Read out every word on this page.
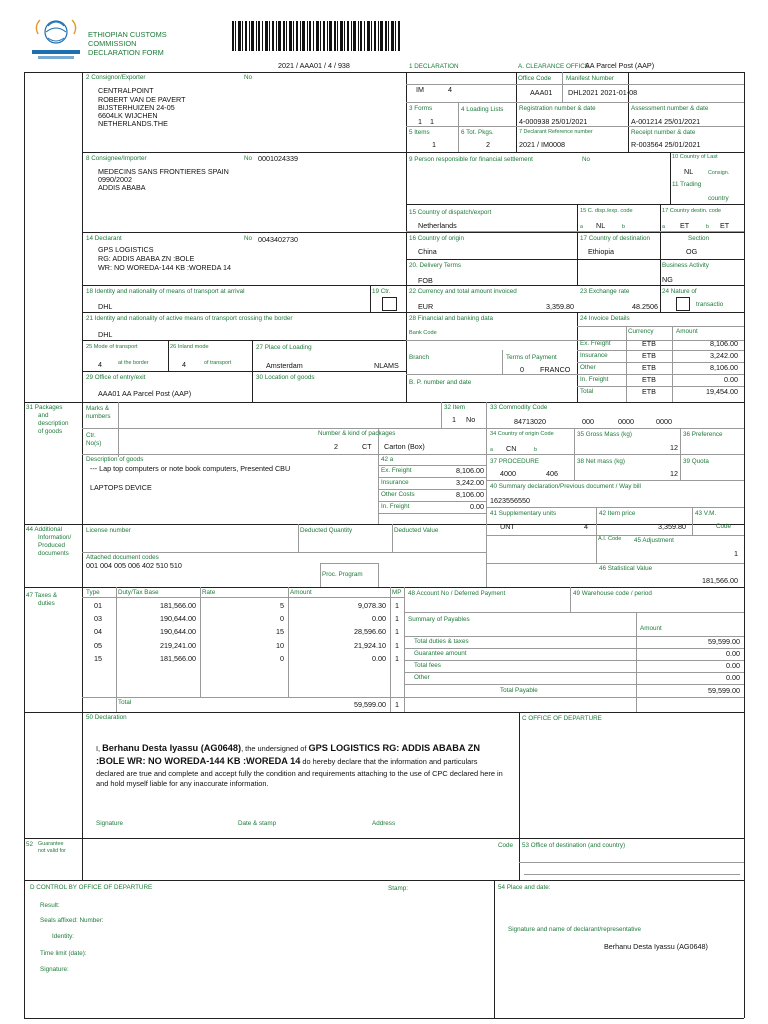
ETHIOPIAN CUSTOMS
COMMISSION
DECLARATION FORM
2021 / AAA01 / 4 / 938	1 DECLARATION
IM	4
A. CLEARANCE OFFICE
AA Parcel Post (AAP)
Office Code Manifest Number
AAA01 DHL2021 2021-01-08
2 Consignor/Exporter	No
CENTRALPOINT
ROBERT VAN DE PAVERT
BIJSTERHUIZEN 24-05
6604LK WIJCHEN
NETHERLANDS.THE
3 Forms
1 1
4 Loading Lists Registration number & date
4-000938 25/01/2021
Assessment number & date
A-001214 25/01/2021
5 Items
1
6 Tot. Pkgs.
2
7 Declarant Reference number
2021 / IM0008
Receipt number & date
R-003564 25/01/2021
8 Consignee/Importer	No 0001024339
MEDECINS SANS FRONTIERES SPAIN
0990/2002
ADDIS ABABA
9 Person responsible for financial settlement	No	10 Country of Last
NL	Consign.
11 Trading
country
15 Country of dispatch/export
Netherlands
15 C. disp./exp. code
a NL	b
17 Country destin. code
a ET	b ET
14 Declarant	No 0043402730
GPS LOGISTICS
RG: ADDIS ABABA ZN :BOLE
WR: NO WOREDA-144 KB :WOREDA 14
16 Country of origin
China
17 Country of destination
Ethiopia
Section
OG
20. Delivery Terms
FOB
Business Activity
NG
18 Identity and nationality of means of transport at arrival
DHL
19 Ctr.	22 Currency and total amount invoiced
EUR	3,359.80
23 Exchange rate
48.2506
24 Nature of
transactio
21 Identity and nationality of active means of transport crossing the border
DHL
28 Financial and banking data
Bank Code
Branch	Terms of Payment
0 FRANCO
B. P. number and date
24 Invoice Details
Currency	Amount
Ex. Freight	ETB	8,106.00
Insurance	ETB	3,242.00
Other	ETB	8,106.00
In. Freight	ETB	0.00
Total	ETB	19,454.00
25 Mode of transport
4	at the border
26 Inland mode
4	of transport
27 Place of Loading
Amsterdam	NLAMS
29 Office of entry/exit
AAA01 AA Parcel Post (AAP)
30 Location of goods
31 Packages
and
description
of goods
Marks &
numbers
Ctr.
No(s)
Number & kind of packages
2	CT Carton (Box)
Description of goods
--- Lap top computers or note book computers, Presented CBU
LAPTOPS DEVICE
32 Item
1 No
33 Commodity Code
84713020	000	0000	0000
34 Country of origin Code
a CN	b
35 Gross Mass (kg)
12
36 Preference
42 a
Ex. Freight	8,106.00
Insurance	3,242.00
Other Costs	8,106.00
In. Freight	0.00
37 PROCEDURE
4000	406
38 Net mass (kg)
12
39 Quota
40 Summary declaration/Previous document / Way bill
1623556550
41 Supplementary units
UNT	4
42 Item price
3,359.80
43 V.M.
Code
44 Additional
Information/
Produced
documents
License number	Deducted Quantity	Deducted Value
Attached document codes
001 004 005 006 402 510 510
Proc. Program
A.I. Code 45 Adjustment
1
46 Statistical Value
181,566.00
47 Taxes &
duties
Type	Duty/Tax Base	Rate	Amount	MP
01	181,566.00	5	9,078.30 1
03	190,644.00	0	0.00 1
04	190,644.00	15	28,596.60 1
05	219,241.00	10	21,924.10 1
15	181,566.00	0	0.00 1
Total	59,599.00 1
48 Account No / Deferred Payment	49 Warehouse code / period
Summary of Payables
Amount
Total duties & taxes	59,599.00
Guarantee amount	0.00
Total fees	0.00
Other	0.00
Total Payable	59,599.00
50 Declaration
I, Berhanu Desta Iyassu (AG0648), the undersigned of GPS LOGISTICS RG: ADDIS ABABA ZN :BOLE WR: NO WOREDA-144 KB :WOREDA 14 do hereby declare that the information and particulars declared are true and complete and accept fully the condition and requirements attaching to the use of CPC declared here in and hold myself liable for any inaccurate information.
Signature	Date & stamp	Address
C OFFICE OF DEPARTURE
52 Guarantee
not valid for
Code 53 Office of destination (and country)
D CONTROL BY OFFICE OF DEPARTURE	Stamp:
Result:
Seals affixed: Number:
Identity:
Time limit (date):
Signature:
54 Place and date:
Signature and name of declarant/representative
Berhanu Desta Iyassu (AG0648)
